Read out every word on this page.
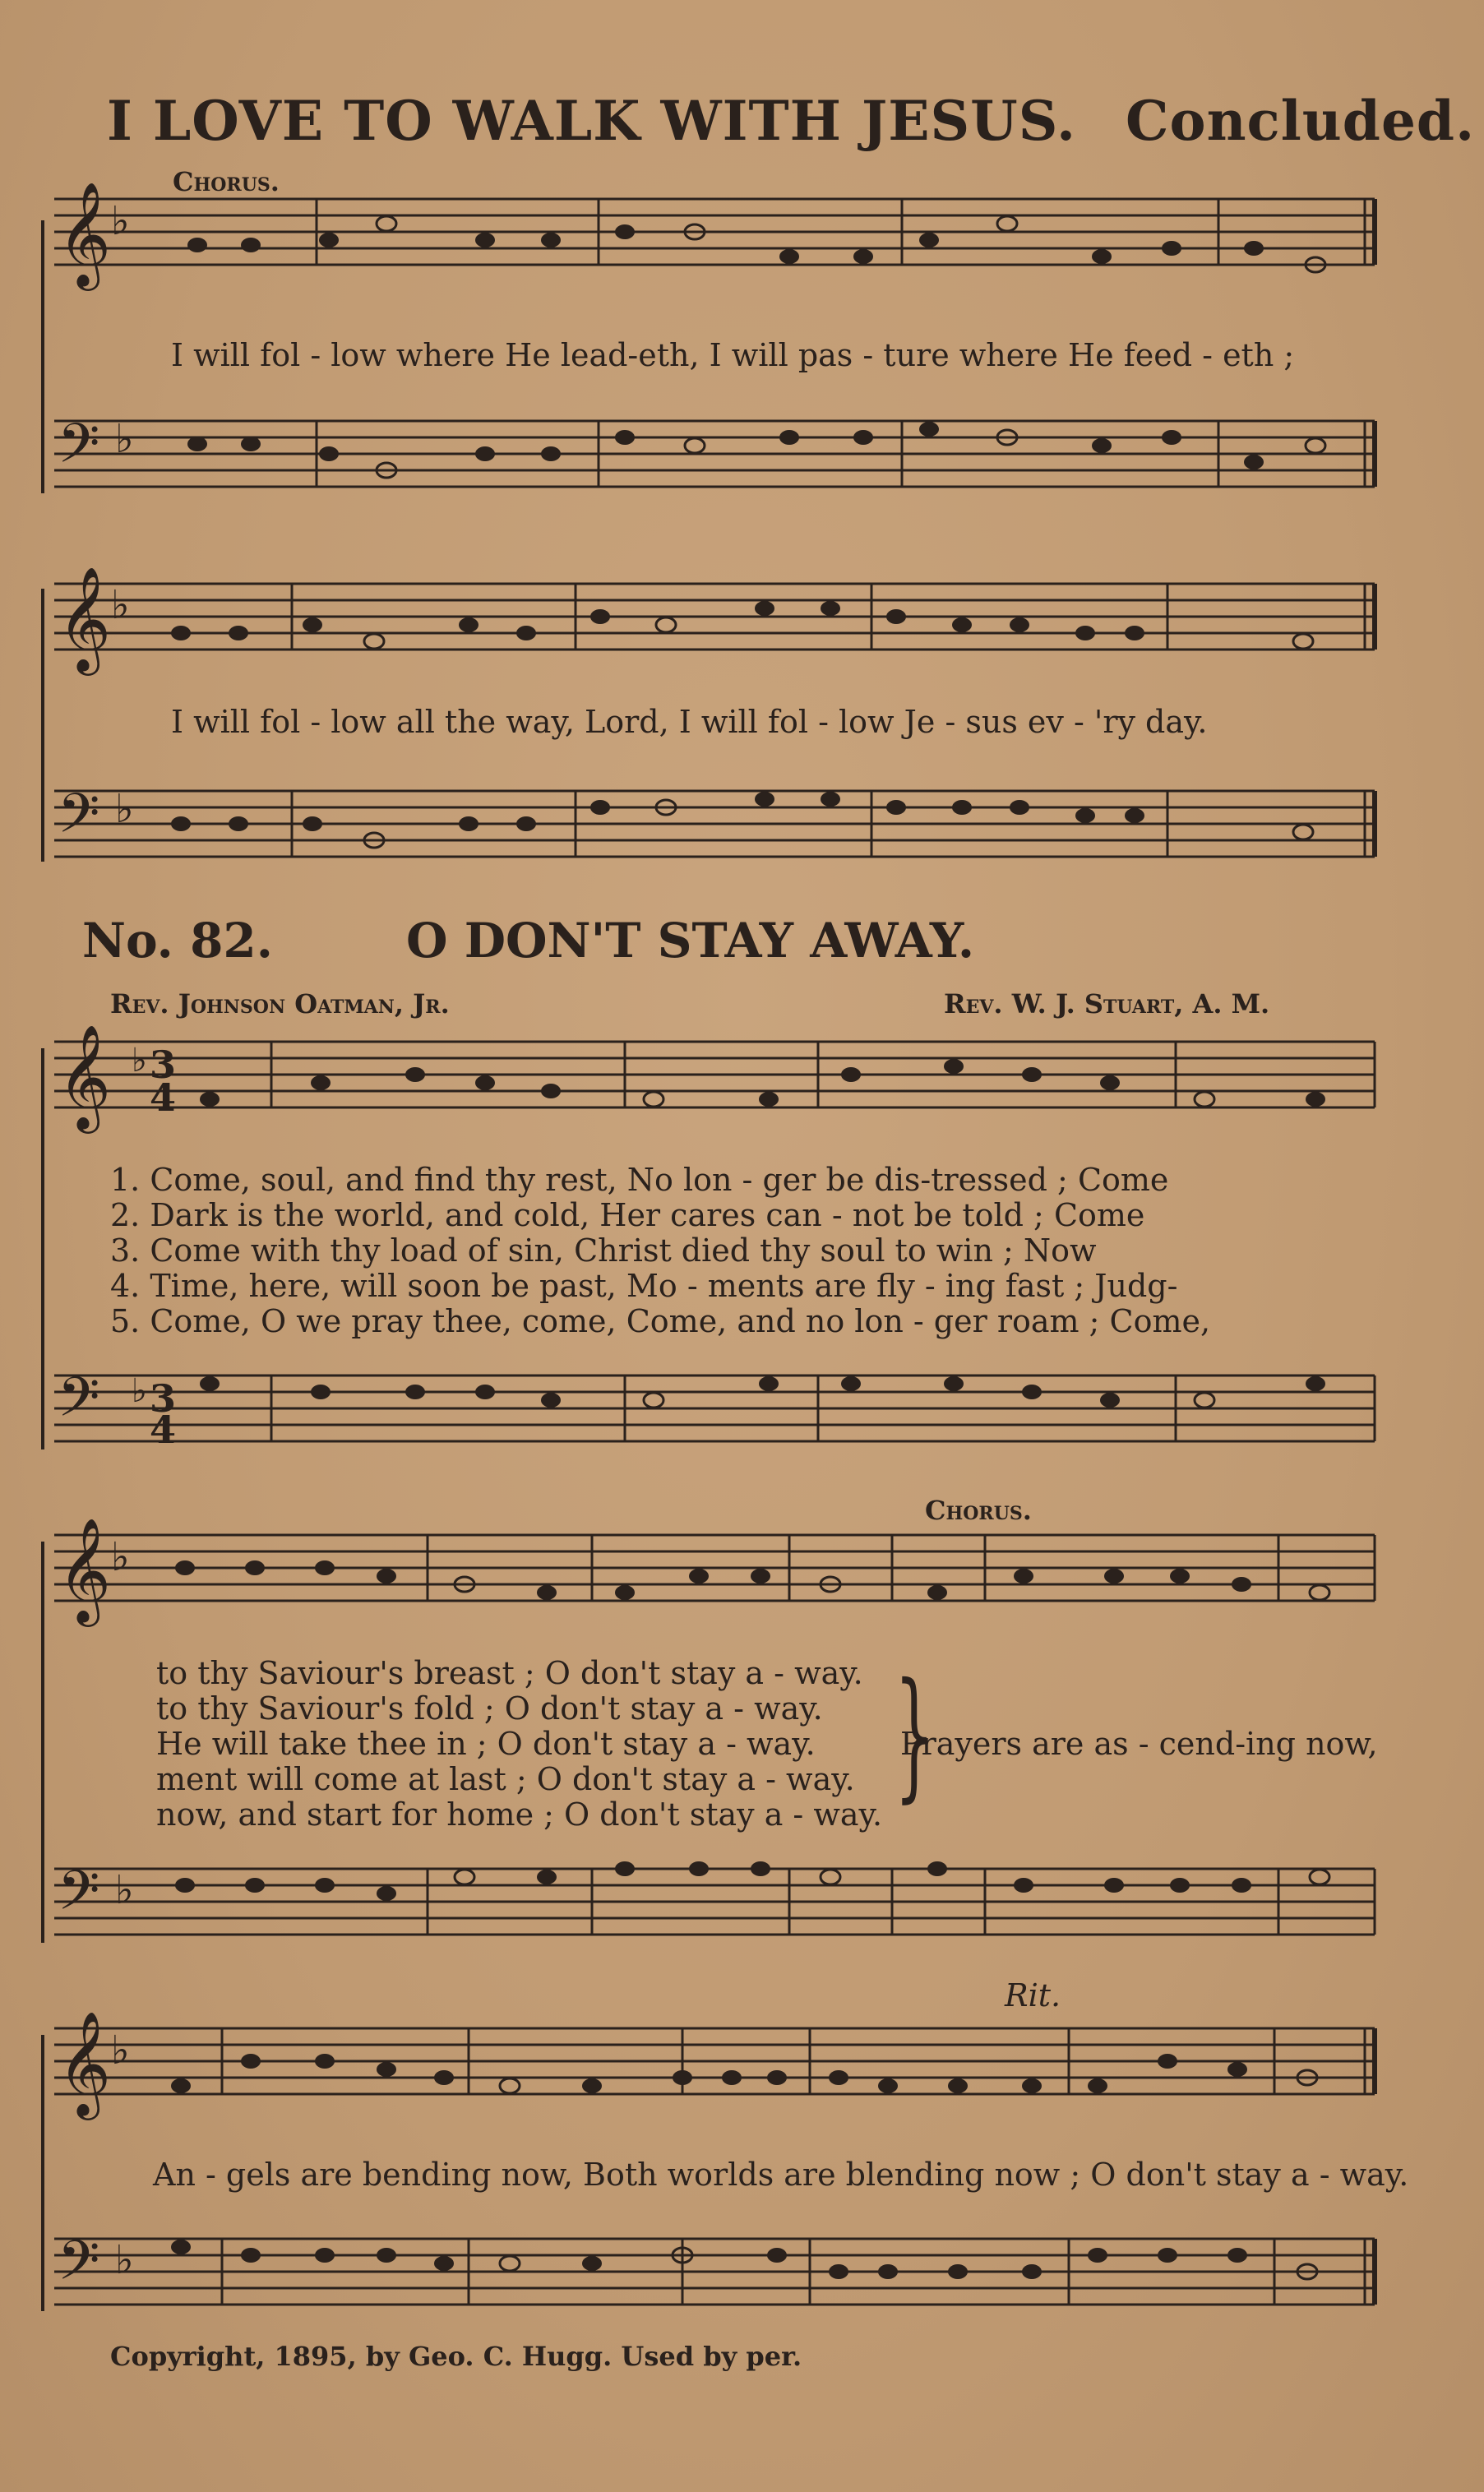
I LOVE TO WALK WITH JESUS. Concluded.
Chorus.
𝄞
𝄢
♭
♭
I will fol - low where He lead-eth, I will pas - ture where He feed - eth ;
𝄞
𝄢
♭
♭
I will fol - low all the way, Lord, I will fol - low Je - sus ev - 'ry day.
No. 82.	O DON'T STAY AWAY.
Rev. Johnson Oatman, Jr.	Rev. W. J. Stuart, A. M.
𝄞
𝄢
♭ 3
4
♭ 3
4
1. Come, soul, and find thy rest, No lon - ger be dis-tressed ; Come
2. Dark is the world, and cold, Her cares can - not be told ; Come
3. Come with thy load of sin, Christ died thy soul to win ; Now
4. Time, here, will soon be past, Mo - ments are fly - ing fast ; Judg-
5. Come, O we pray thee, come, Come, and no lon - ger roam ; Come,
Chorus.
𝄞
𝄢
♭
♭
to thy Saviour's breast ; O don't stay a - way.
to thy Saviour's fold ; O don't stay a - way.
He will take thee in ; O don't stay a - way.
ment will come at last ; O don't stay a - way.
now, and start for home ; O don't stay a - way. }
Prayers are as - cend-ing now,
Rit.
𝄞
𝄢
♭
♭
An - gels are bending now, Both worlds are blending now ; O don't stay a - way.
Copyright, 1895, by Geo. C. Hugg. Used by per.
